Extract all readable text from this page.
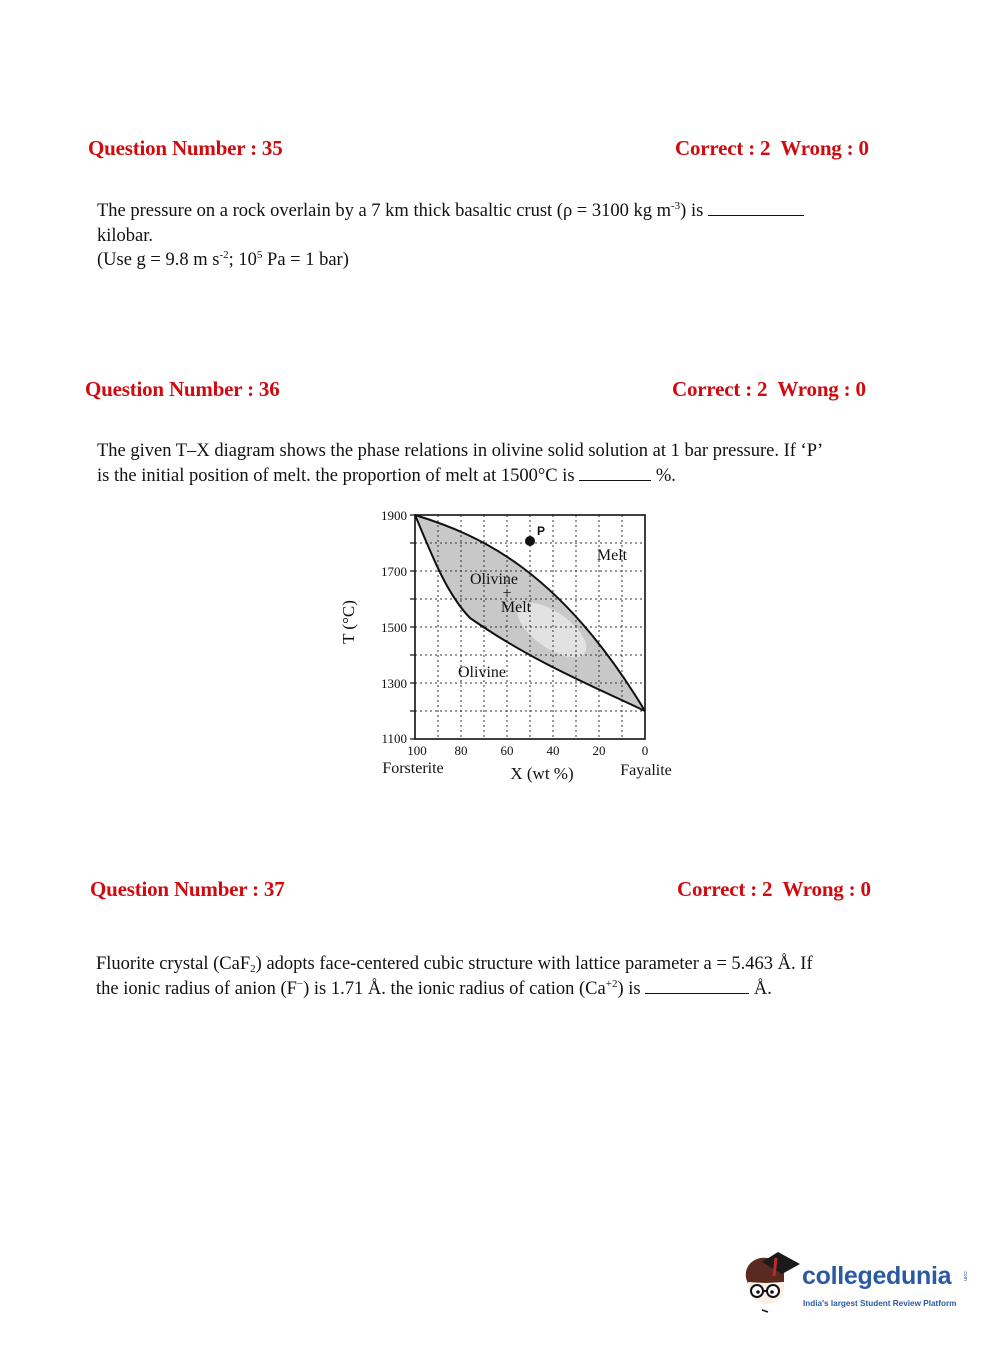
Question Number : 35	Correct : 2 Wrong : 0
The pressure on a rock overlain by a 7 km thick basaltic crust (ρ = 3100 kg $m^{-3}$) is
kilobar.
(Use g = 9.8 m $s^{-2}$; $10^5$ Pa = 1 bar)
Question Number : 36	Correct : 2 Wrong : 0
The given T–X diagram shows the phase relations in olivine solid solution at 1 bar pressure. If ‘P’
is the initial position of melt. the proportion of melt at 1500°C is	%.
1900
1700
1500
1300
1100
100 80	60	40	20	0
T (°C)
X (wt %)
Forsterite	Fayalite
Melt
Olivine
+
Melt
Olivine
P
Question Number : 37	Correct : 2 Wrong : 0
Fluorite crystal (CaF$_2$) adopts face-centered cubic structure with lattice parameter a = 5.463 Å. If
the ionic radius of anion (F−) is 1.71 Å. the ionic radius of cation $(Ca^{+2})$ is	Å.
collegedunia .com
India's largest Student Review Platform
